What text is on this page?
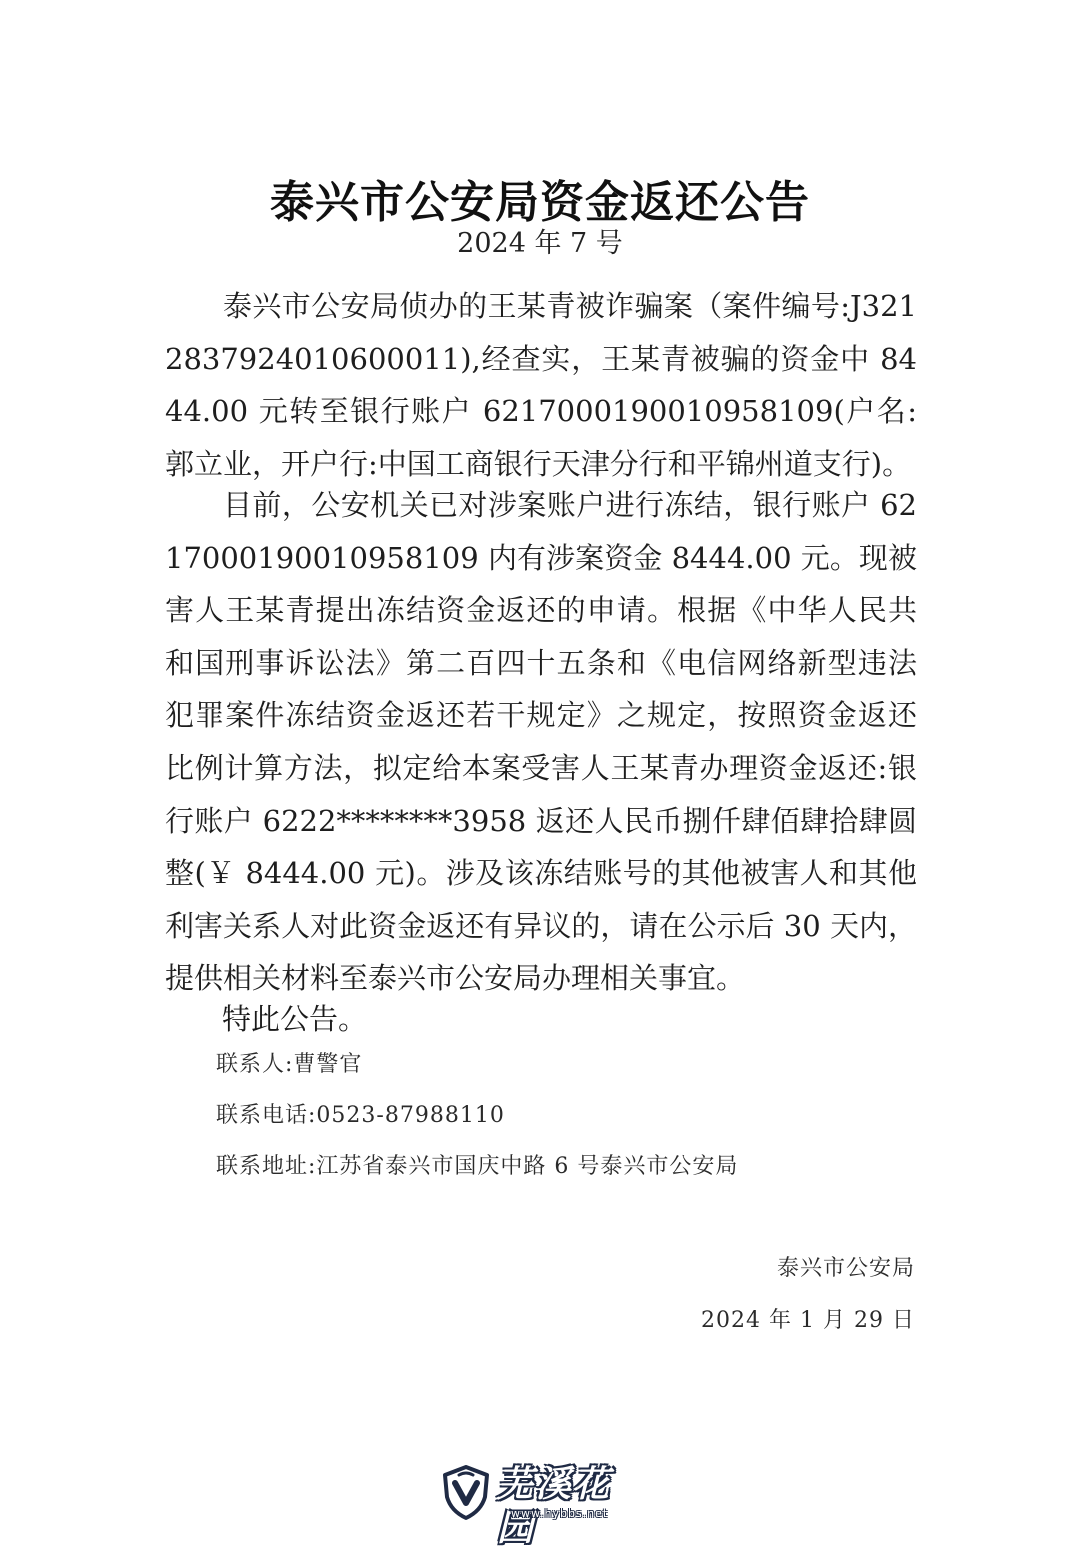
泰兴市公安局资金返还公告
2024 年 7 号

泰兴市公安局侦办的王某青被诈骗案（案件编号:J3212837924010600011),经查实，王某青被骗的资金中 8444.00 元转至银行账户 6217000190010958109(户名:郭立业，开户行:中国工商银行天津分行和平锦州道支行)。

目前，公安机关已对涉案账户进行冻结，银行账户 6217000190010958109 内有涉案资金 8444.00 元。现被害人王某青提出冻结资金返还的申请。根据《中华人民共和国刑事诉讼法》第二百四十五条和《电信网络新型违法犯罪案件冻结资金返还若干规定》之规定，按照资金返还比例计算方法，拟定给本案受害人王某青办理资金返还:银行账户 6222********3958 返还人民币捌仟肆佰肆拾肆圆整(￥ 8444.00 元)。涉及该冻结账号的其他被害人和其他利害关系人对此资金返还有异议的，请在公示后 30 天内，提供相关材料至泰兴市公安局办理相关事宜。

特此公告。

联系人:曹警官

联系电话:0523-87988110

联系地址:江苏省泰兴市国庆中路 6 号泰兴市公安局

泰兴市公安局

2024 年 1 月 29 日

芜溪花园
www.hybbs.net
